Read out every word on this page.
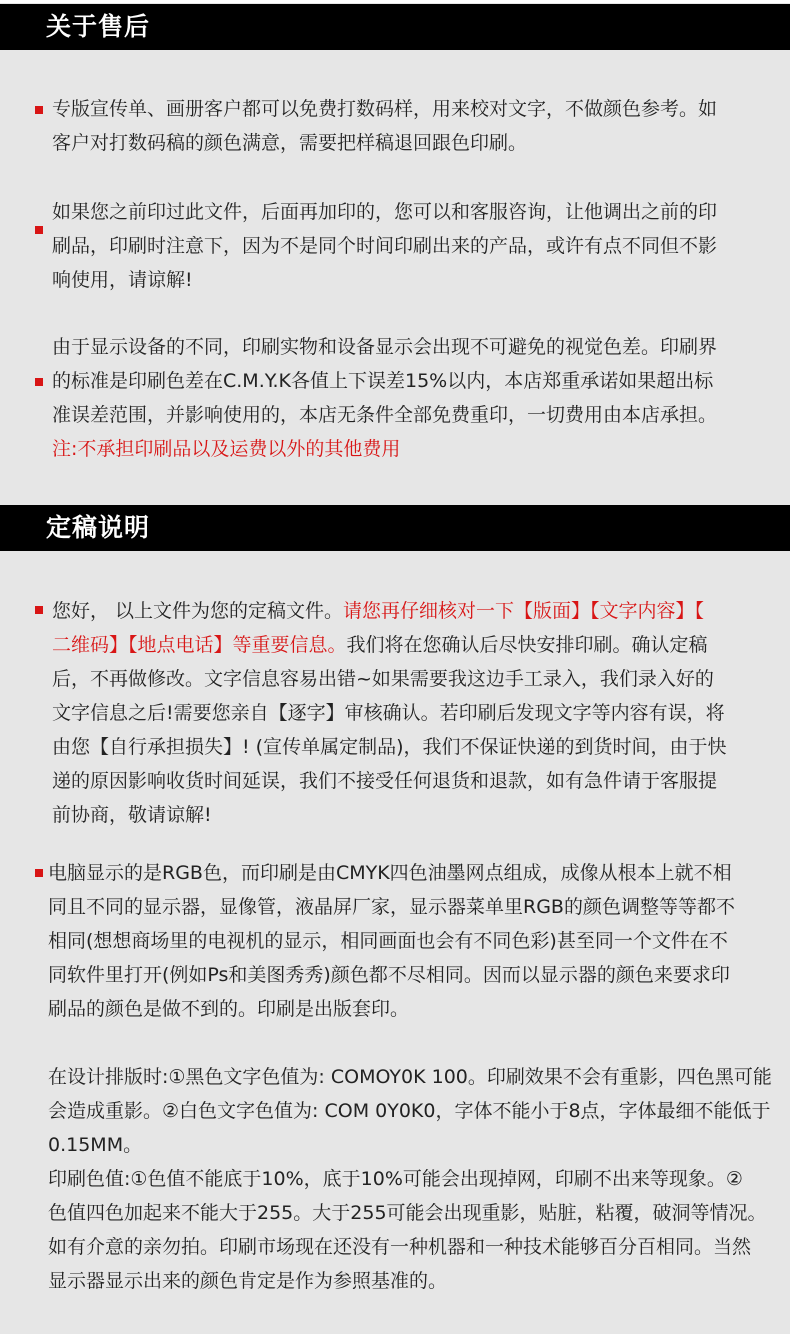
关于售后
专版宣传单、画册客户都可以免费打数码样，用来校对文字，不做颜色参考。如
客户对打数码稿的颜色满意，需要把样稿退回跟色印刷。
如果您之前印过此文件，后面再加印的，您可以和客服咨询，让他调出之前的印
刷品，印刷时注意下，因为不是同个时间印刷出来的产品，或许有点不同但不影
响使用，请谅解!
由于显示设备的不同，印刷实物和设备显示会出现不可避免的视觉色差。印刷界
的标准是印刷色差在C.M.Y.K各值上下误差15%以内，本店郑重承诺如果超出标
准误差范围，并影响使用的，本店无条件全部免费重印，一切费用由本店承担。
注:不承担印刷品以及运费以外的其他费用
定稿说明
您好， 以上文件为您的定稿文件。请您再仔细核对一下【版面】【文字内容】【
二维码】【地点电话】等重要信息。我们将在您确认后尽快安排印刷。确认定稿
后，不再做修改。文字信息容易出错~如果需要我这边手工录入，我们录入好的
文字信息之后!需要您亲自【逐字】审核确认。若印刷后发现文字等内容有误，将
由您【自行承担损失】! (宣传单属定制品)，我们不保证快递的到货时间，由于快
递的原因影响收货时间延误，我们不接受任何退货和退款，如有急件请于客服提
前协商，敬请谅解!
电脑显示的是RGB色，而印刷是由CMYK四色油墨网点组成，成像从根本上就不相
同且不同的显示器，显像管，液晶屏厂家，显示器菜单里RGB的颜色调整等等都不
相同(想想商场里的电视机的显示，相同画面也会有不同色彩)甚至同一个文件在不
同软件里打开(例如Ps和美图秀秀)颜色都不尽相同。因而以显示器的颜色来要求印
刷品的颜色是做不到的。印刷是出版套印。
在设计排版时:①黑色文字色值为: COMOY0K 100。印刷效果不会有重影，四色黑可能
会造成重影。②白色文字色值为: COM 0Y0K0，字体不能小于8点，字体最细不能低于
0.15MM。
印刷色值:①色值不能底于10%，底于10%可能会出现掉网，印刷不出来等现象。②
色值四色加起来不能大于255。大于255可能会出现重影，贴脏，粘覆，破洞等情况。
如有介意的亲勿拍。印刷市场现在还没有一种机器和一种技术能够百分百相同。当然
显示器显示出来的颜色肯定是作为参照基准的。
